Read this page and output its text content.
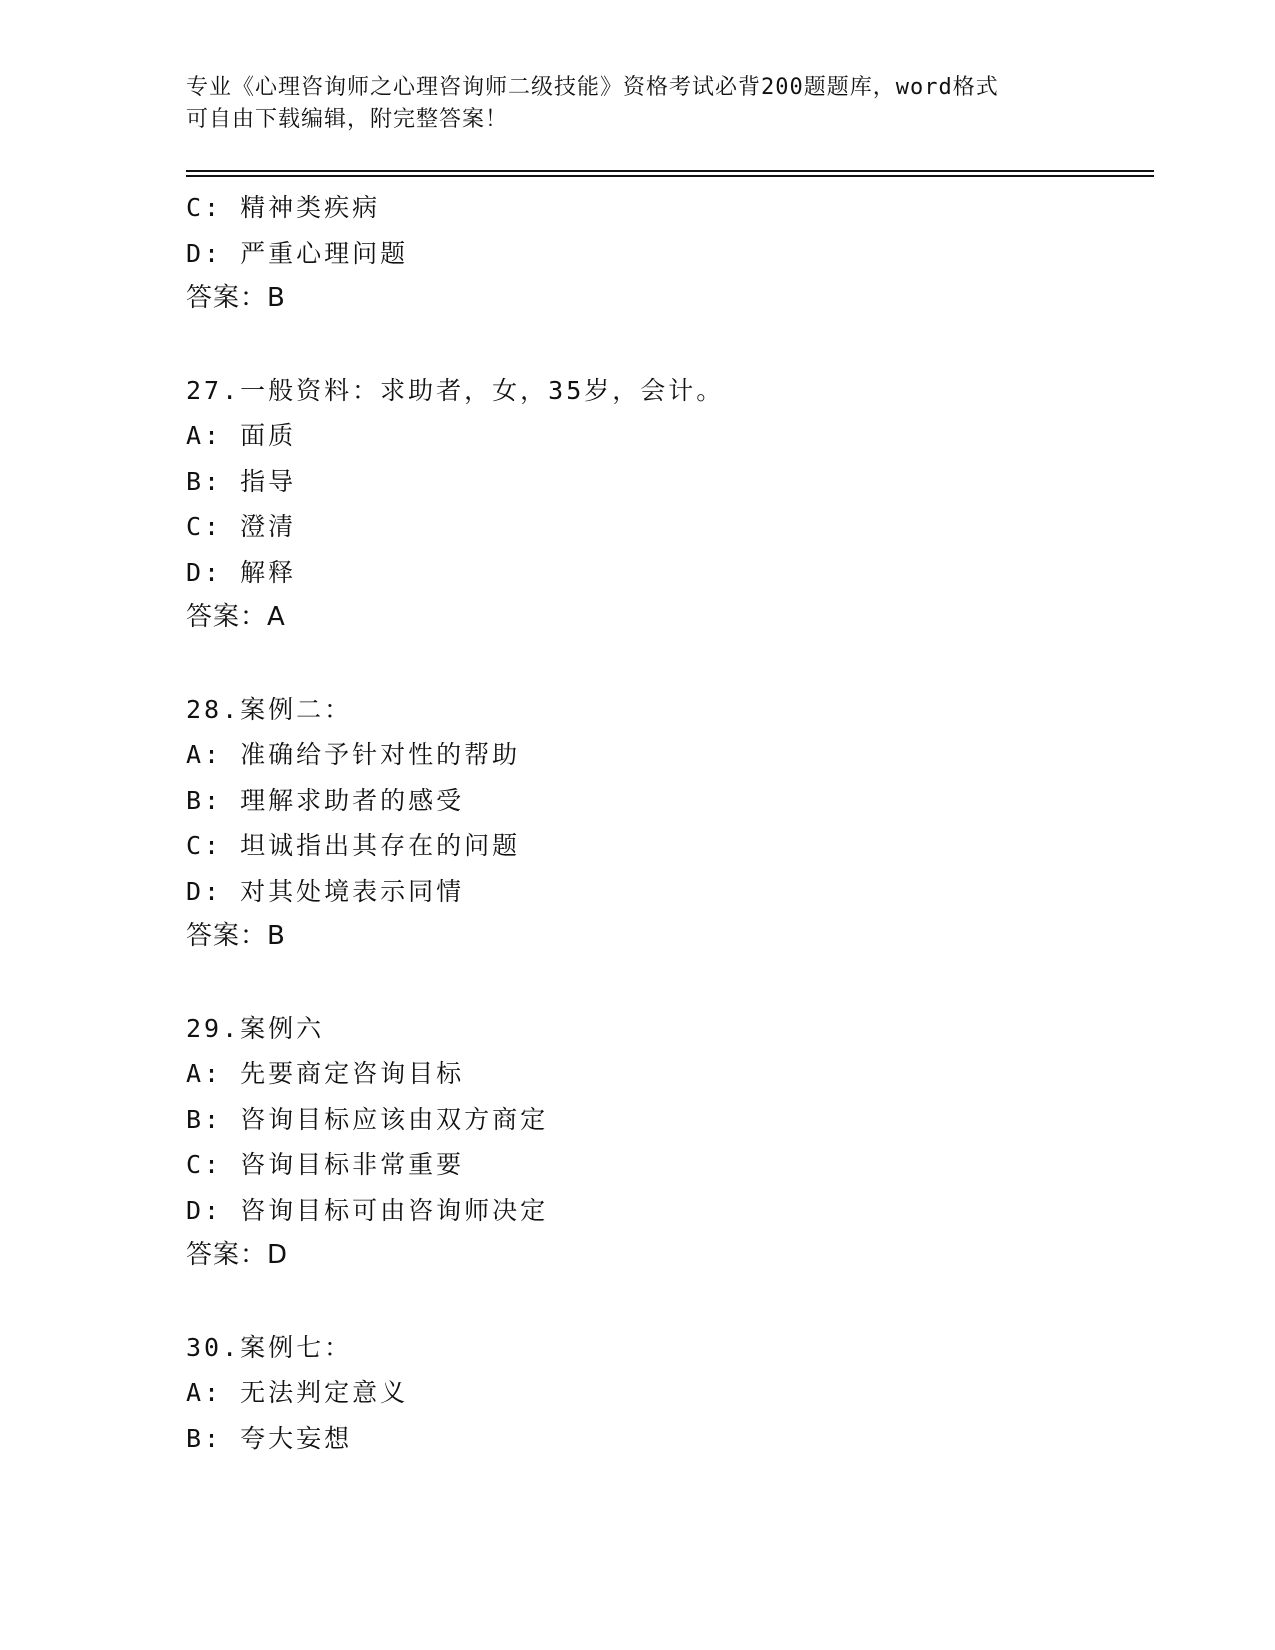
专业《心理咨询师之心理咨询师二级技能》资格考试必背200题题库，word格式
可自由下载编辑，附完整答案！
C: 精神类疾病
D: 严重心理问题
答案：B
27.一般资料：求助者，女，35岁，会计。
A: 面质
B: 指导
C: 澄清
D: 解释
答案：A
28.案例二：
A: 准确给予针对性的帮助
B: 理解求助者的感受
C: 坦诚指出其存在的问题
D: 对其处境表示同情
答案：B
29.案例六
A: 先要商定咨询目标
B: 咨询目标应该由双方商定
C: 咨询目标非常重要
D: 咨询目标可由咨询师决定
答案：D
30.案例七：
A: 无法判定意义
B: 夸大妄想
